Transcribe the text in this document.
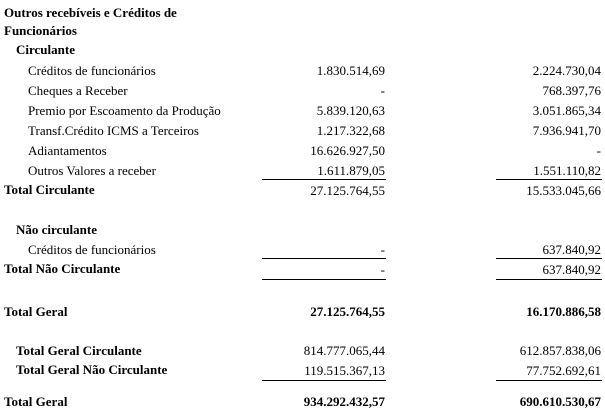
Outros recebíveis e Créditos de
Funcionários
Circulante
Créditos de funcionários	1.830.514,69	2.224.730,04
Cheques a Receber	-	768.397,76
Premio por Escoamento da Produção	5.839.120,63	3.051.865,34
Transf.Crédito ICMS a Terceiros	1.217.322,68	7.936.941,70
Adiantamentos	16.626.927,50	-
Outros Valores a receber	1.611.879,05	1.551.110,82
Total Circulante	27.125.764,55	15.533.045,66
Não circulante
Créditos de funcionários	-	637.840,92
Total Não Circulante	-	637.840,92
Total Geral	27.125.764,55	16.170.886,58
Total Geral Circulante	814.777.065,44	612.857.838,06
Total Geral Não Circulante	119.515.367,13	77.752.692,61
Total Geral	934.292.432,57	690.610.530,67
